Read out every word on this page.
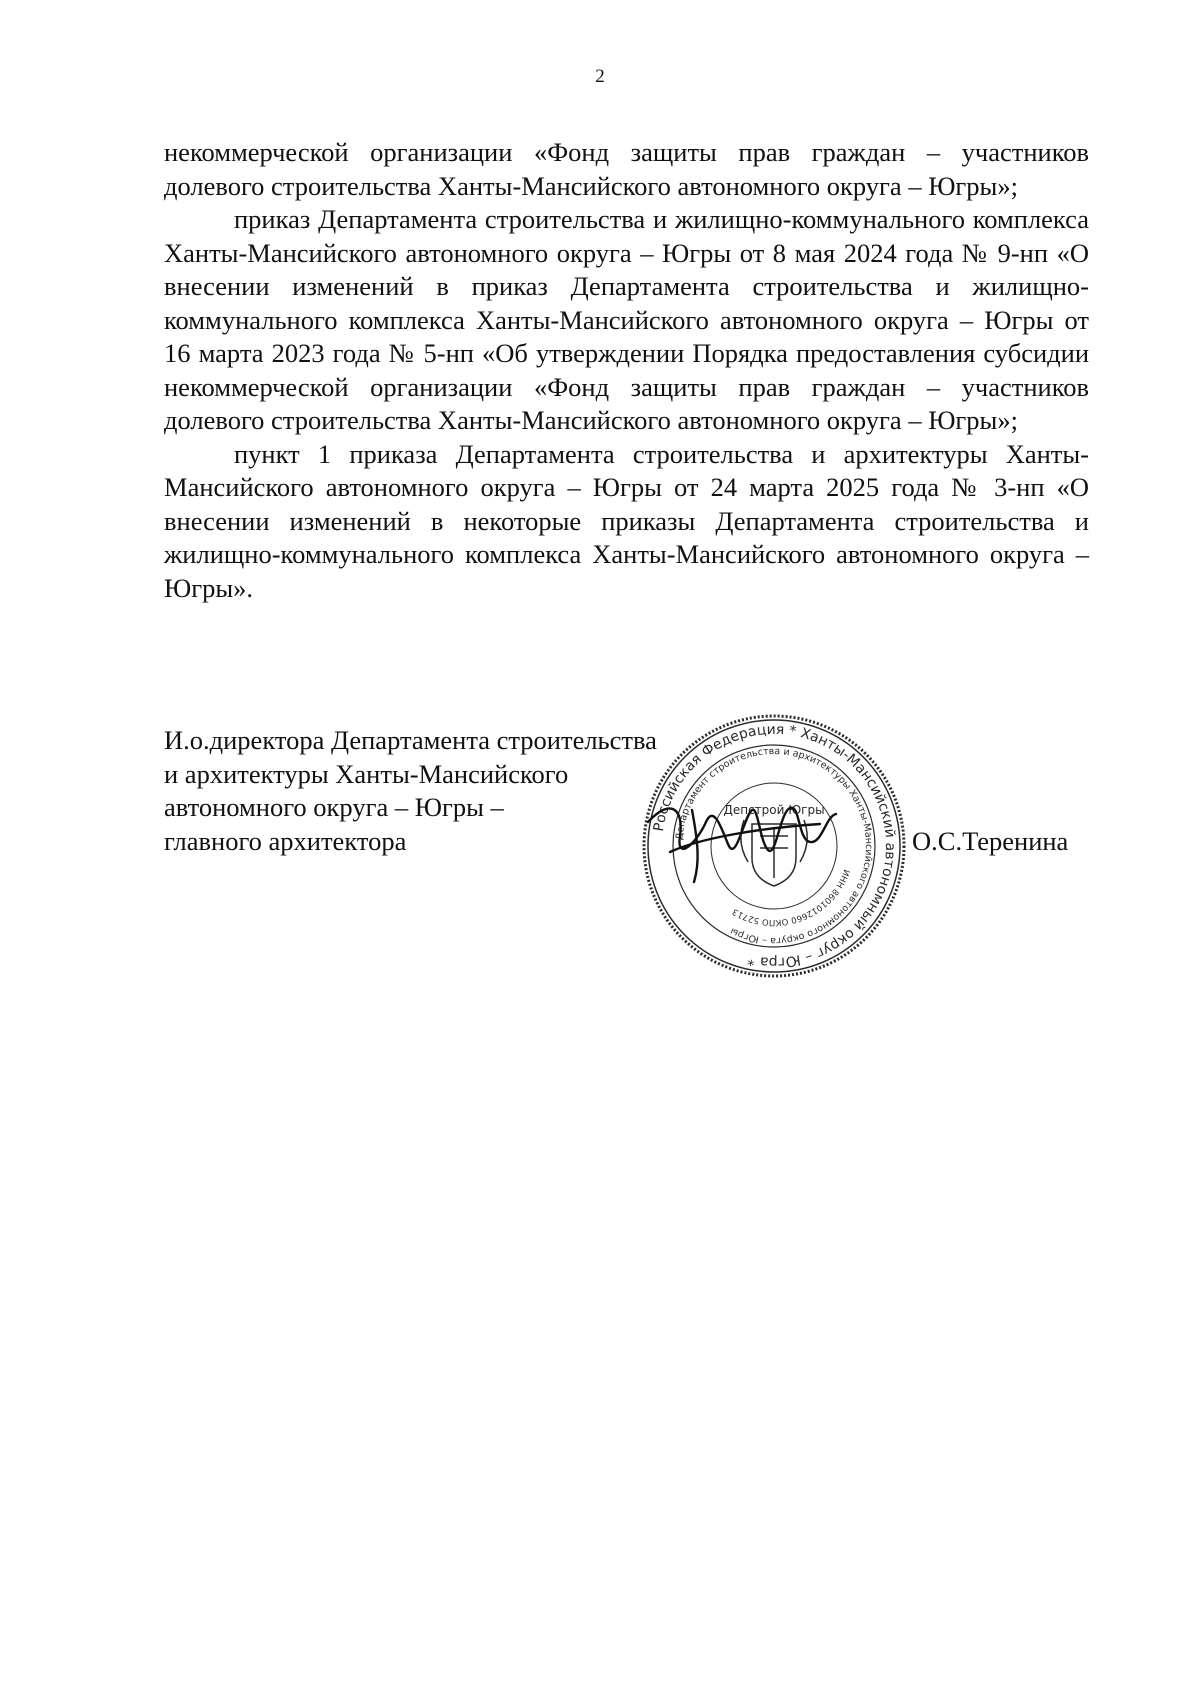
2

некоммерческой организации «Фонд защиты прав граждан – участников долевого строительства Ханты-Мансийского автономного округа – Югры»;

приказ Департамента строительства и жилищно-коммунального комплекса Ханты-Мансийского автономного округа – Югры от 8 мая 2024 года № 9-нп «О внесении изменений в приказ Департамента строительства и жилищно-коммунального комплекса Ханты-Мансийского автономного округа – Югры от 16 марта 2023 года № 5-нп «Об утверждении Порядка предоставления субсидии некоммерческой организации «Фонд защиты прав граждан – участников долевого строительства Ханты-Мансийского автономного округа – Югры»;

пункт 1 приказа Департамента строительства и архитектуры Ханты-Мансийского автономного округа – Югры от 24 марта 2025 года № 3-нп «О внесении изменений в некоторые приказы Департамента строительства и жилищно-коммунального комплекса Ханты-Мансийского автономного округа – Югры».

И.о.директора Департамента строительства
и архитектуры Ханты-Мансийского
автономного округа – Югры –
главного архитектора	Российская Федерация * Ханты-Мансийский автономный округ – Югра *
Департамент строительства и архитектуры Ханты-Мансийского автономного округа – Югры
ИНН 8601012660 ОКПО 52713
Депстрой Югры
О.С.Теренина
